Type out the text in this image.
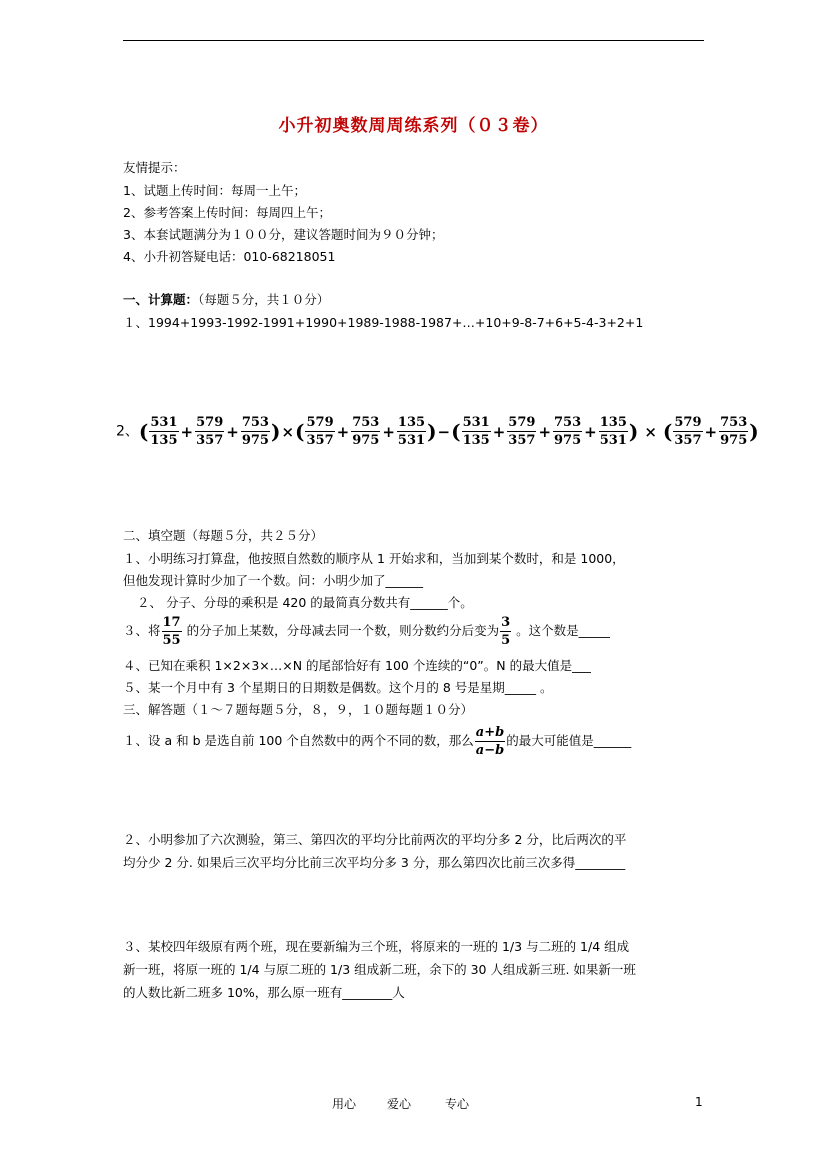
小升初奥数周周练系列（０３卷）
友情提示：
1、试题上传时间：每周一上午；
2、参考答案上传时间：每周四上午；
3、本套试题满分为１００分，建议答题时间为９０分钟；
4、小升初答疑电话：010-68218051
一、计算题：（每题５分，共１０分）
１、1994+1993-1992-1991+1990+1989-1988-1987+…+10+9-8-7+6+5-4-3+2+1
2、( $\frac{531}{135} + \frac{579}{357} + \frac{753}{975}$ )×( $\frac{579}{357} + \frac{753}{975} + \frac{135}{531}$ )−( $\frac{531}{135} + \frac{579}{357} + \frac{753}{975} + \frac{135}{531}$ ) × ( $\frac{579}{357} + \frac{753}{975}$ )
二、填空题（每题５分，共２５分）
１、小明练习打算盘，他按照自然数的顺序从 1 开始求和，当加到某个数时，和是 1000，
但他发现计算时少加了一个数。问：小明少加了______
２、 分子、分母的乘积是 420 的最简真分数共有______个。
３、将 $\frac{17}{55}$ 的分子加上某数，分母减去同一个数，则分数约分后变为 $\frac{3}{5}$ 。这个数是_____
４、已知在乘积 1×2×3×…×N 的尾部恰好有 100 个连续的“0”。N 的最大值是___
５、某一个月中有 3 个星期日的日期数是偶数。这个月的 8 号是星期_____ 。
三、解答题（１～７题每题５分，８，９，１０题每题１０分）
１、设 a 和 b 是选自前 100 个自然数中的两个不同的数，那么 $\frac{a+b}{a-b}$ 的最大可能值是______
２、小明参加了六次测验，第三、第四次的平均分比前两次的平均分多 2 分，比后两次的平
均分少 2 分. 如果后三次平均分比前三次平均分多 3 分，那么第四次比前三次多得________
３、某校四年级原有两个班，现在要新编为三个班，将原来的一班的 1/3 与二班的 1/4 组成
新一班，将原一班的 1/4 与原二班的 1/3 组成新二班，余下的 30 人组成新三班. 如果新一班
的人数比新二班多 10%，那么原一班有________人
用心	爱心	专心	1
